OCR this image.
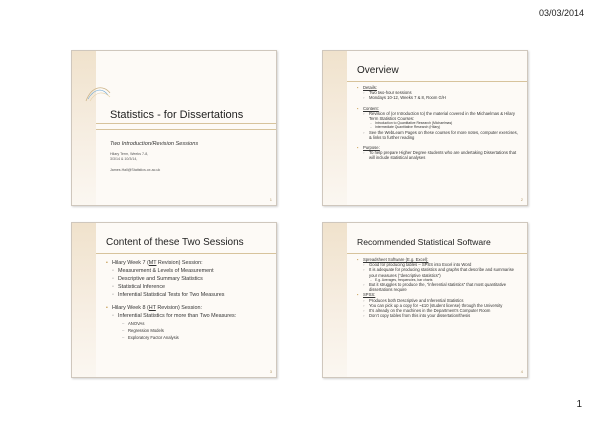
03/03/2014
Statistics - for Dissertations
Two Introduction/Revision Sessions
Hilary Term, Weeks 7-8,
3/3/14 & 10/3/14,
James.Hall@Statistics.ox.ac.uk
1
Overview
▪ Details:
◦ Two two-hour sessions
◦ Mondays 10-12, Weeks 7 & 8, Room G/H
▪ Content:
◦ Revision of (or Introduction to) the material covered in the Michaelmas & Hilary Term Statistics Courses:
– Introduction to Quantitative Research (Michaelmas)
– Intermediate Quantitative Research (Hilary)
◦ See the WebLearn Pages on these courses for more notes, computer exercises, & links to further reading
▪ Purpose:
◦ To help prepare Higher Degree students who are undertaking Dissertations that will include statistical analyses
2
Content of these Two Sessions
▪ Hilary Week 7 (MT Revision) Session:
◦ Measurement & Levels of Measurement
◦ Descriptive and Summary Statistics
◦ Statistical Inference
◦ Inferential Statistical Tests for Two Measures
▪ Hilary Week 8 (HT Revision) Session:
◦ Inferential Statistics for more than Two Measures:
– ANOVAs
– Regression Models
– Exploratory Factor Analysis
3
Recommended Statistical Software
▪ Spreadsheet Software (E.g. Excel):
◦ Good for producing tables – SPSS into Excel into Word
◦ It is adequate for producing statistics and graphs that describe and summarise your measures (“descriptive statistics”)
– E.g. Averages, frequencies, bar charts
◦ But it struggles to produce the, “inferential statistics” that most quantitative dissertations require
▪ SPSS:
◦ Produces both Descriptive and Inferential Statistics
◦ You can pick up a copy for ~£10 (student license) through the University
◦ It’s already on the machines in the Department’s Computer Room
◦ Don’t copy tables from this into your dissertation/thesis
4
1
